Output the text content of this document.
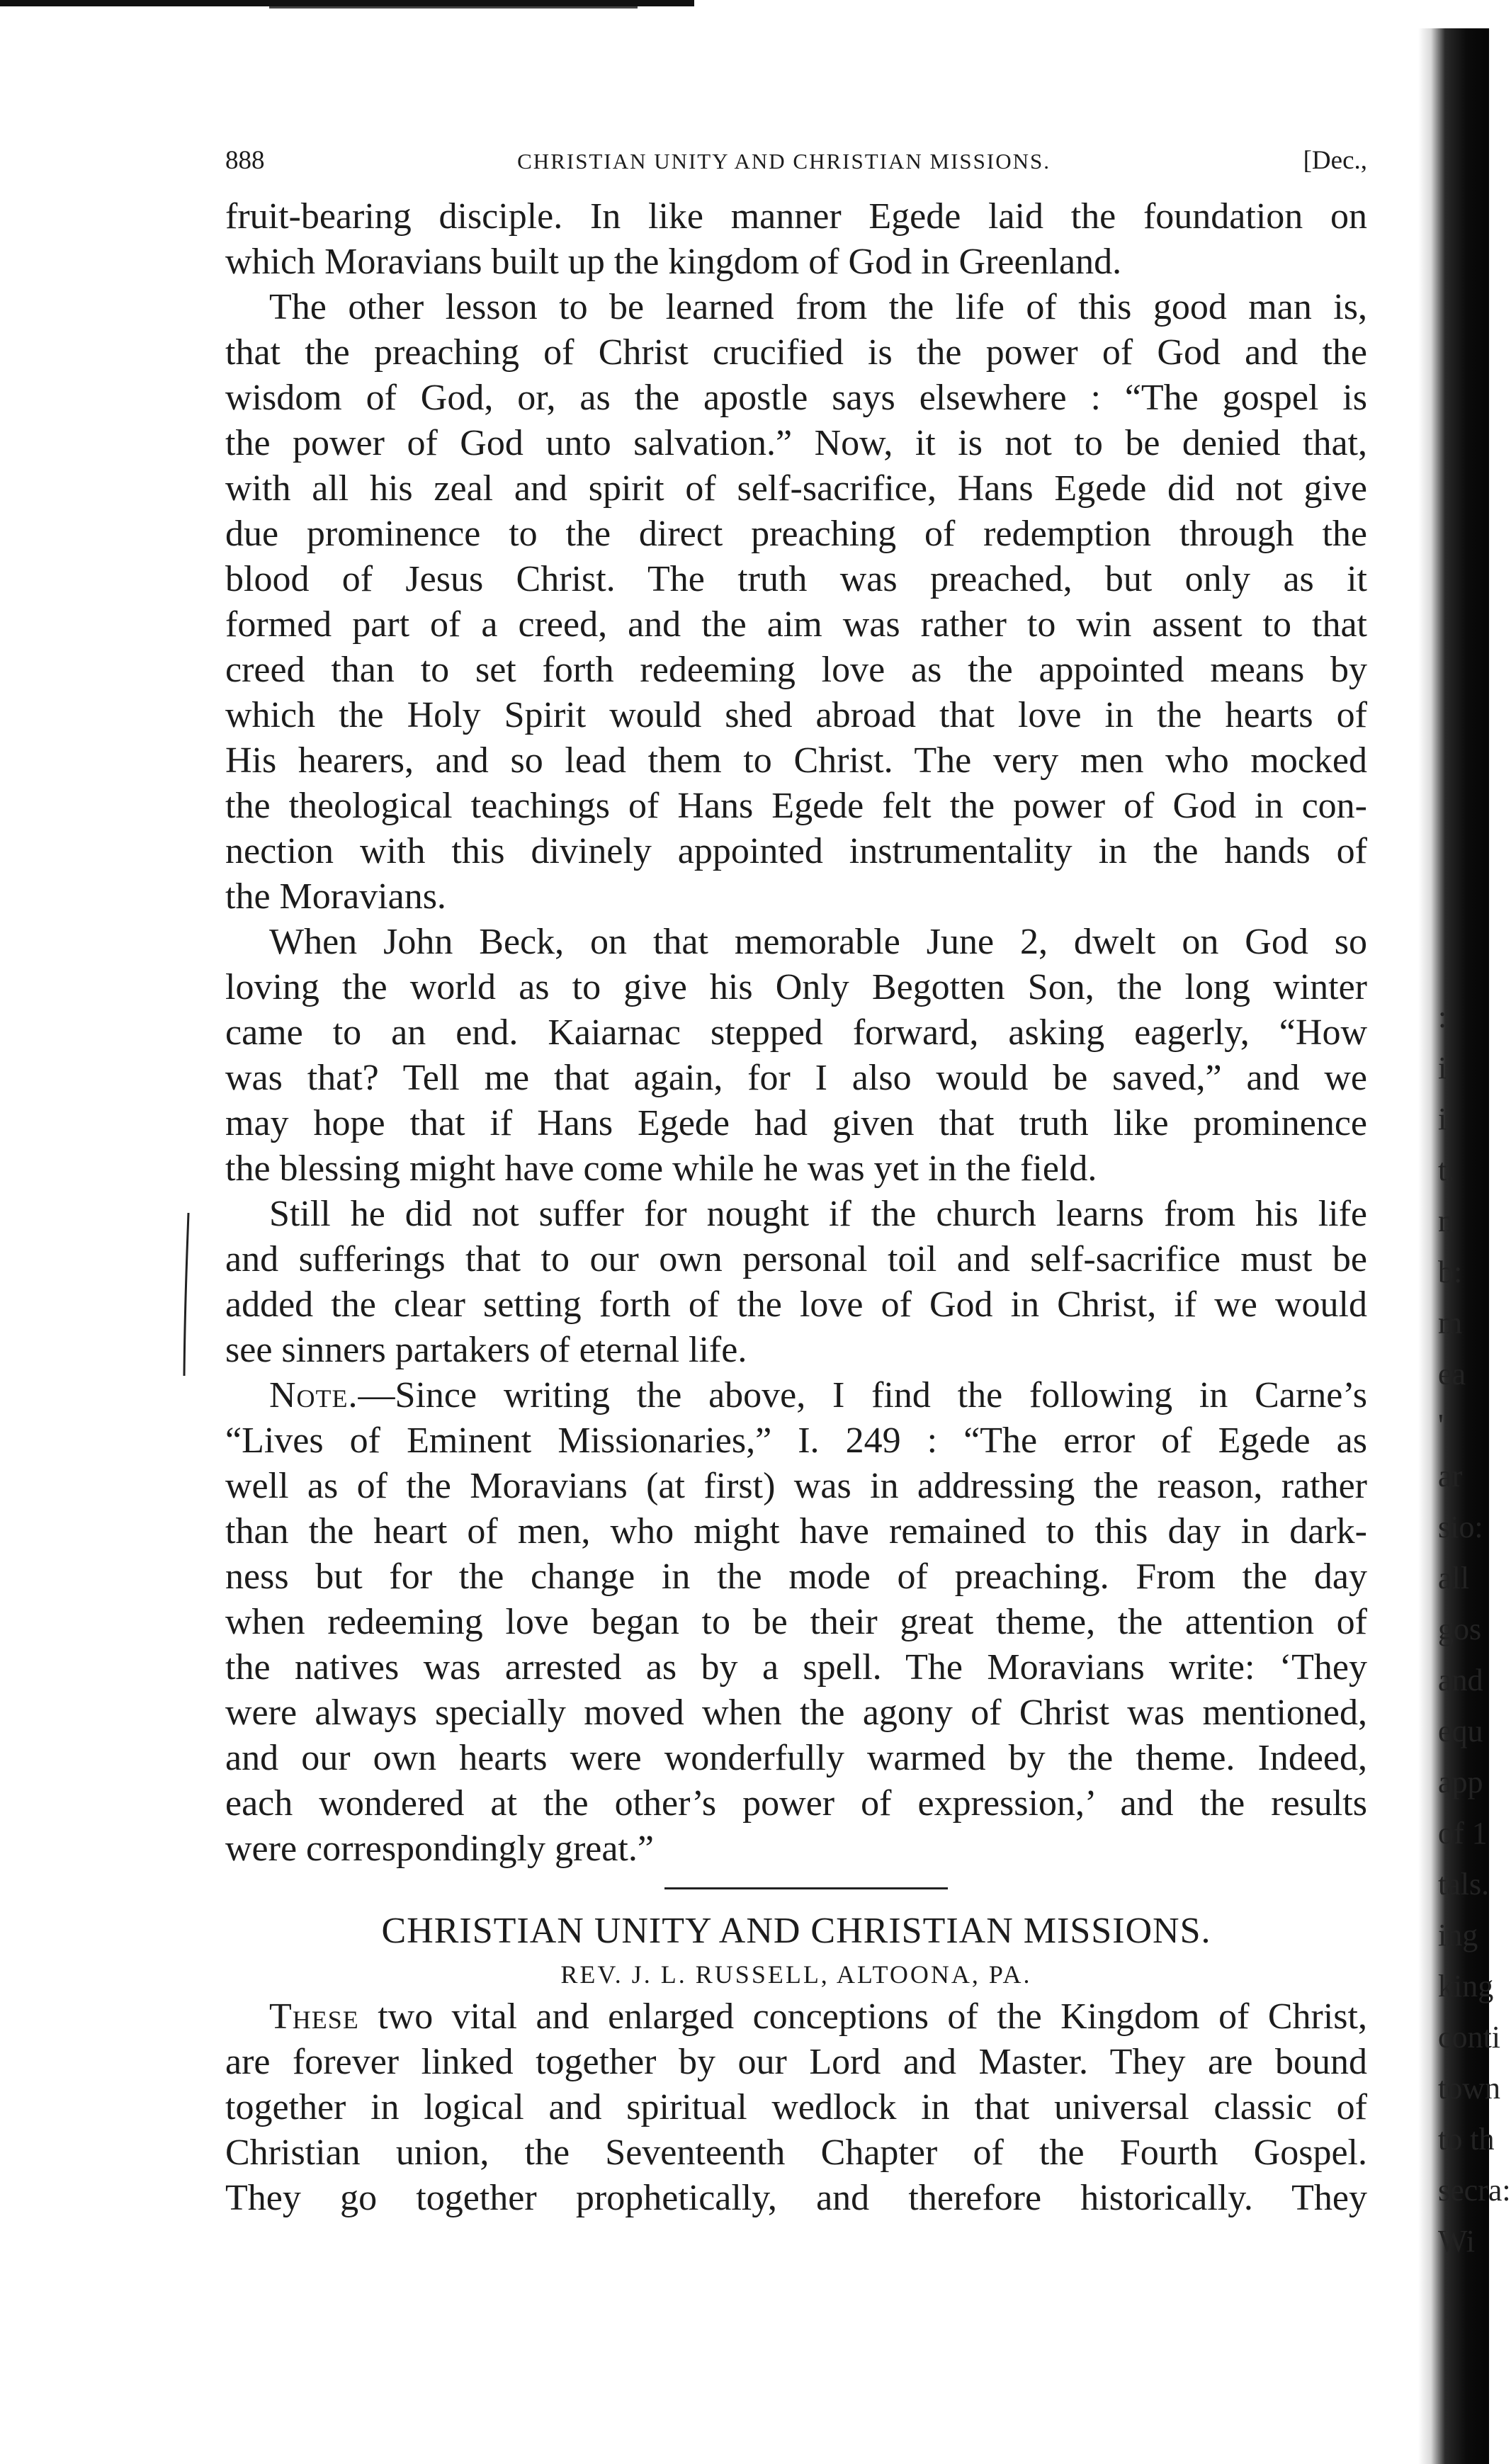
888	CHRISTIAN UNITY AND CHRISTIAN MISSIONS.	[Dec.,
fruit-bearing disciple. In like manner Egede laid the foundation on
which Moravians built up the kingdom of God in Greenland.
The other lesson to be learned from the life of this good man is,
that the preaching of Christ crucified is the power of God and the
wisdom of God, or, as the apostle says elsewhere : “The gospel is
the power of God unto salvation.” Now, it is not to be denied that,
with all his zeal and spirit of self-sacrifice, Hans Egede did not give
due prominence to the direct preaching of redemption through the
blood of Jesus Christ. The truth was preached, but only as it
formed part of a creed, and the aim was rather to win assent to that
creed than to set forth redeeming love as the appointed means by
which the Holy Spirit would shed abroad that love in the hearts of
His hearers, and so lead them to Christ. The very men who mocked
the theological teachings of Hans Egede felt the power of God in con-
nection with this divinely appointed instrumentality in the hands of
the Moravians.
When John Beck, on that memorable June 2, dwelt on God so
loving the world as to give his Only Begotten Son, the long winter
came to an end. Kaiarnac stepped forward, asking eagerly, “How
was that? Tell me that again, for I also would be saved,” and we
may hope that if Hans Egede had given that truth like prominence
the blessing might have come while he was yet in the field.
Still he did not suffer for nought if the church learns from his life
and sufferings that to our own personal toil and self-sacrifice must be
added the clear setting forth of the love of God in Christ, if we would
see sinners partakers of eternal life.
Note.—Since writing the above, I find the following in Carne’s
“Lives of Eminent Missionaries,” I. 249 : “The error of Egede as
well as of the Moravians (at first) was in addressing the reason, rather
than the heart of men, who might have remained to this day in dark-
ness but for the change in the mode of preaching. From the day
when redeeming love began to be their great theme, the attention of
the natives was arrested as by a spell. The Moravians write: ‘They
were always specially moved when the agony of Christ was mentioned,
and our own hearts were wonderfully warmed by the theme. Indeed,
each wondered at the other’s power of expression,’ and the results
were correspondingly great.”
CHRISTIAN UNITY AND CHRISTIAN MISSIONS.
REV. J. L. RUSSELL, ALTOONA, PA.
These two vital and enlarged conceptions of the Kingdom of Christ,
are forever linked together by our Lord and Master. They are bound
together in logical and spiritual wedlock in that universal classic of
Christian union, the Seventeenth Chapter of the Fourth Gospel.
They go together prophetically, and therefore historically. They
:
i
i
t.
n
b:
m
ea
'
ar
sio:
all
gos
and
equ
app
of 1
tals.
ing
king
conti
town
to th
secra:
Wi
